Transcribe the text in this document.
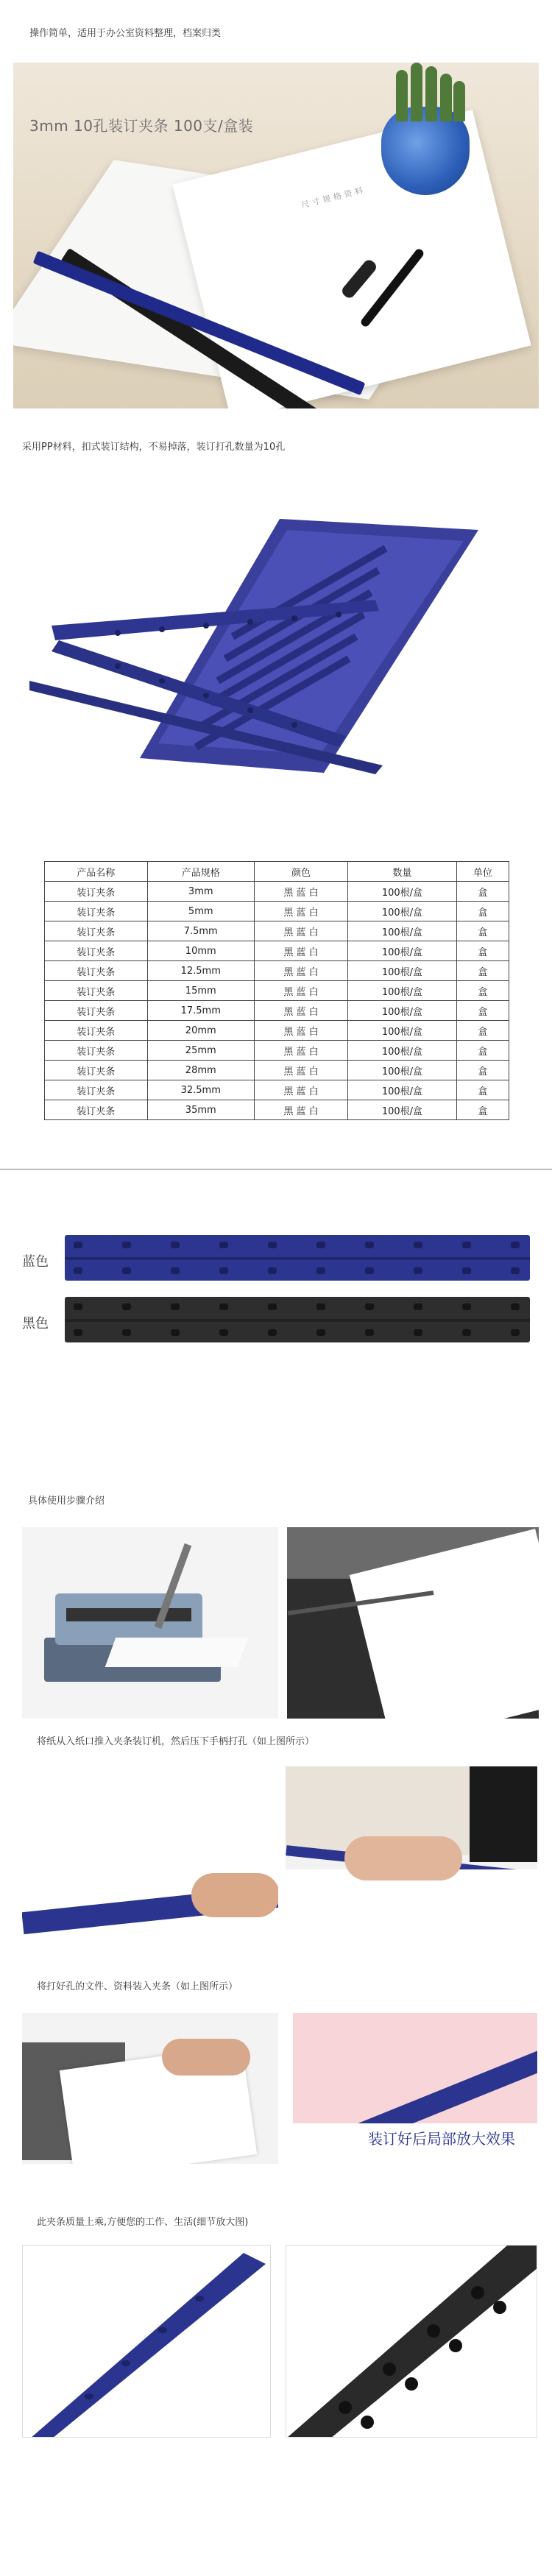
操作简单，适用于办公室资料整理，档案归类
尺寸规格资料
3mm 10孔装订夹条 100支/盒装
采用PP材料，扣式装订结构，不易掉落，装订打孔数量为10孔
产品名称	产品规格	颜色	数量	单位
装订夹条	3mm	黑 蓝 白	100根/盒	盒
装订夹条	5mm	黑 蓝 白	100根/盒	盒
装订夹条	7.5mm	黑 蓝 白	100根/盒	盒
装订夹条	10mm	黑 蓝 白	100根/盒	盒
装订夹条	12.5mm	黑 蓝 白	100根/盒	盒
装订夹条	15mm	黑 蓝 白	100根/盒	盒
装订夹条	17.5mm	黑 蓝 白	100根/盒	盒
装订夹条	20mm	黑 蓝 白	100根/盒	盒
装订夹条	25mm	黑 蓝 白	100根/盒	盒
装订夹条	28mm	黑 蓝 白	100根/盒	盒
装订夹条	32.5mm	黑 蓝 白	100根/盒	盒
装订夹条	35mm	黑 蓝 白	100根/盒	盒
蓝色
黑色
具体使用步骤介绍
将纸从入纸口推入夹条装订机，然后压下手柄打孔（如上图所示）
将打好孔的文件、资料装入夹条（如上图所示）
装订好后局部放大效果
此夹条质量上乘,方便您的工作、生活(细节放大图)
